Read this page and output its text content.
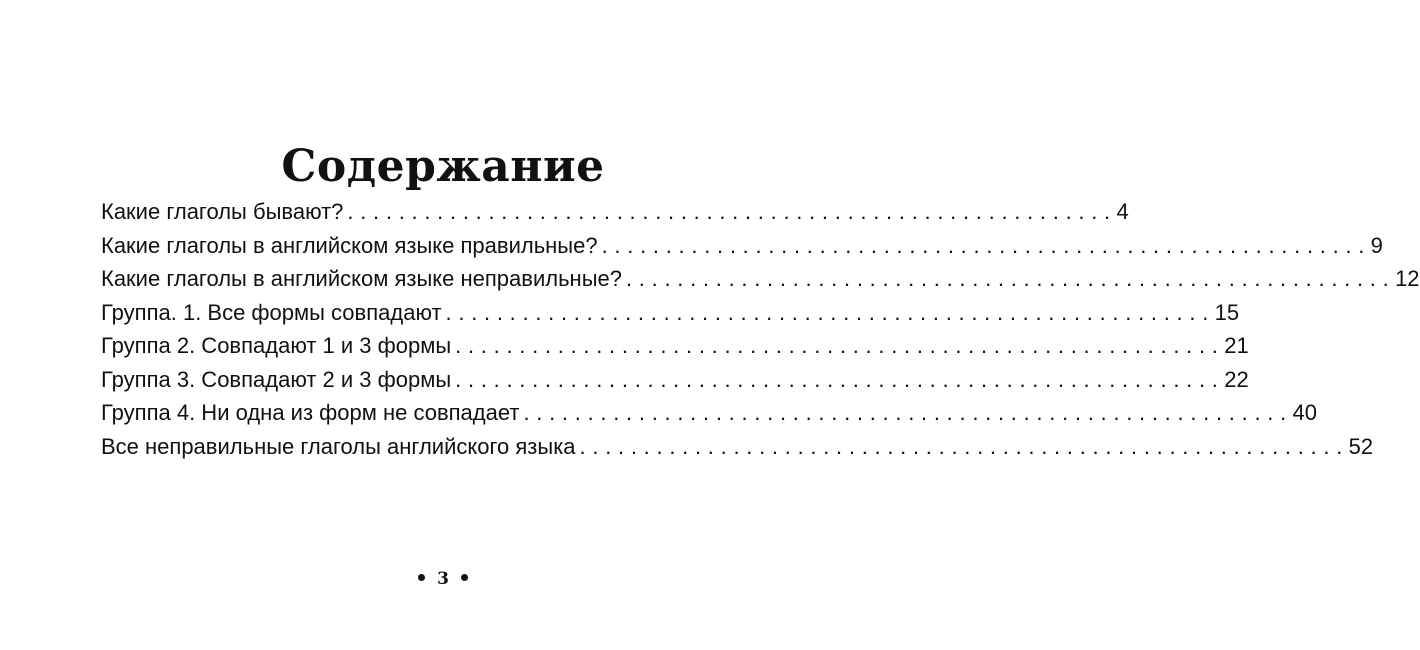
Содержание
Какие глаголы бывают? . . . . . . . . . . . . . . . . . . . . . . . . . . . . . . . . . . . . . . . . . . . . . . . . . . . . . . . . . . . . 4
Какие глаголы в английском языке правильные? . . . . . . . . . . . . . . . . . . . . . . . . . . . . . . . . . . . . . . . . . . . . . . . . . . . . . . . . . . . . 9
Какие глаголы в английском языке неправильные? . . . . . . . . . . . . . . . . . . . . . . . . . . . . . . . . . . . . . . . . . . . . . . . . . . . . . . . . . . . . 12
Группа. 1. Все формы совпадают . . . . . . . . . . . . . . . . . . . . . . . . . . . . . . . . . . . . . . . . . . . . . . . . . . . . . . . . . . . . 15
Группа 2. Совпадают 1 и 3 формы . . . . . . . . . . . . . . . . . . . . . . . . . . . . . . . . . . . . . . . . . . . . . . . . . . . . . . . . . . . . 21
Группа 3. Совпадают 2 и 3 формы . . . . . . . . . . . . . . . . . . . . . . . . . . . . . . . . . . . . . . . . . . . . . . . . . . . . . . . . . . . . 22
Группа 4. Ни одна из форм не совпадает . . . . . . . . . . . . . . . . . . . . . . . . . . . . . . . . . . . . . . . . . . . . . . . . . . . . . . . . . . . . 40
Все неправильные глаголы английского языка . . . . . . . . . . . . . . . . . . . . . . . . . . . . . . . . . . . . . . . . . . . . . . . . . . . . . . . . . . . . 52
3
